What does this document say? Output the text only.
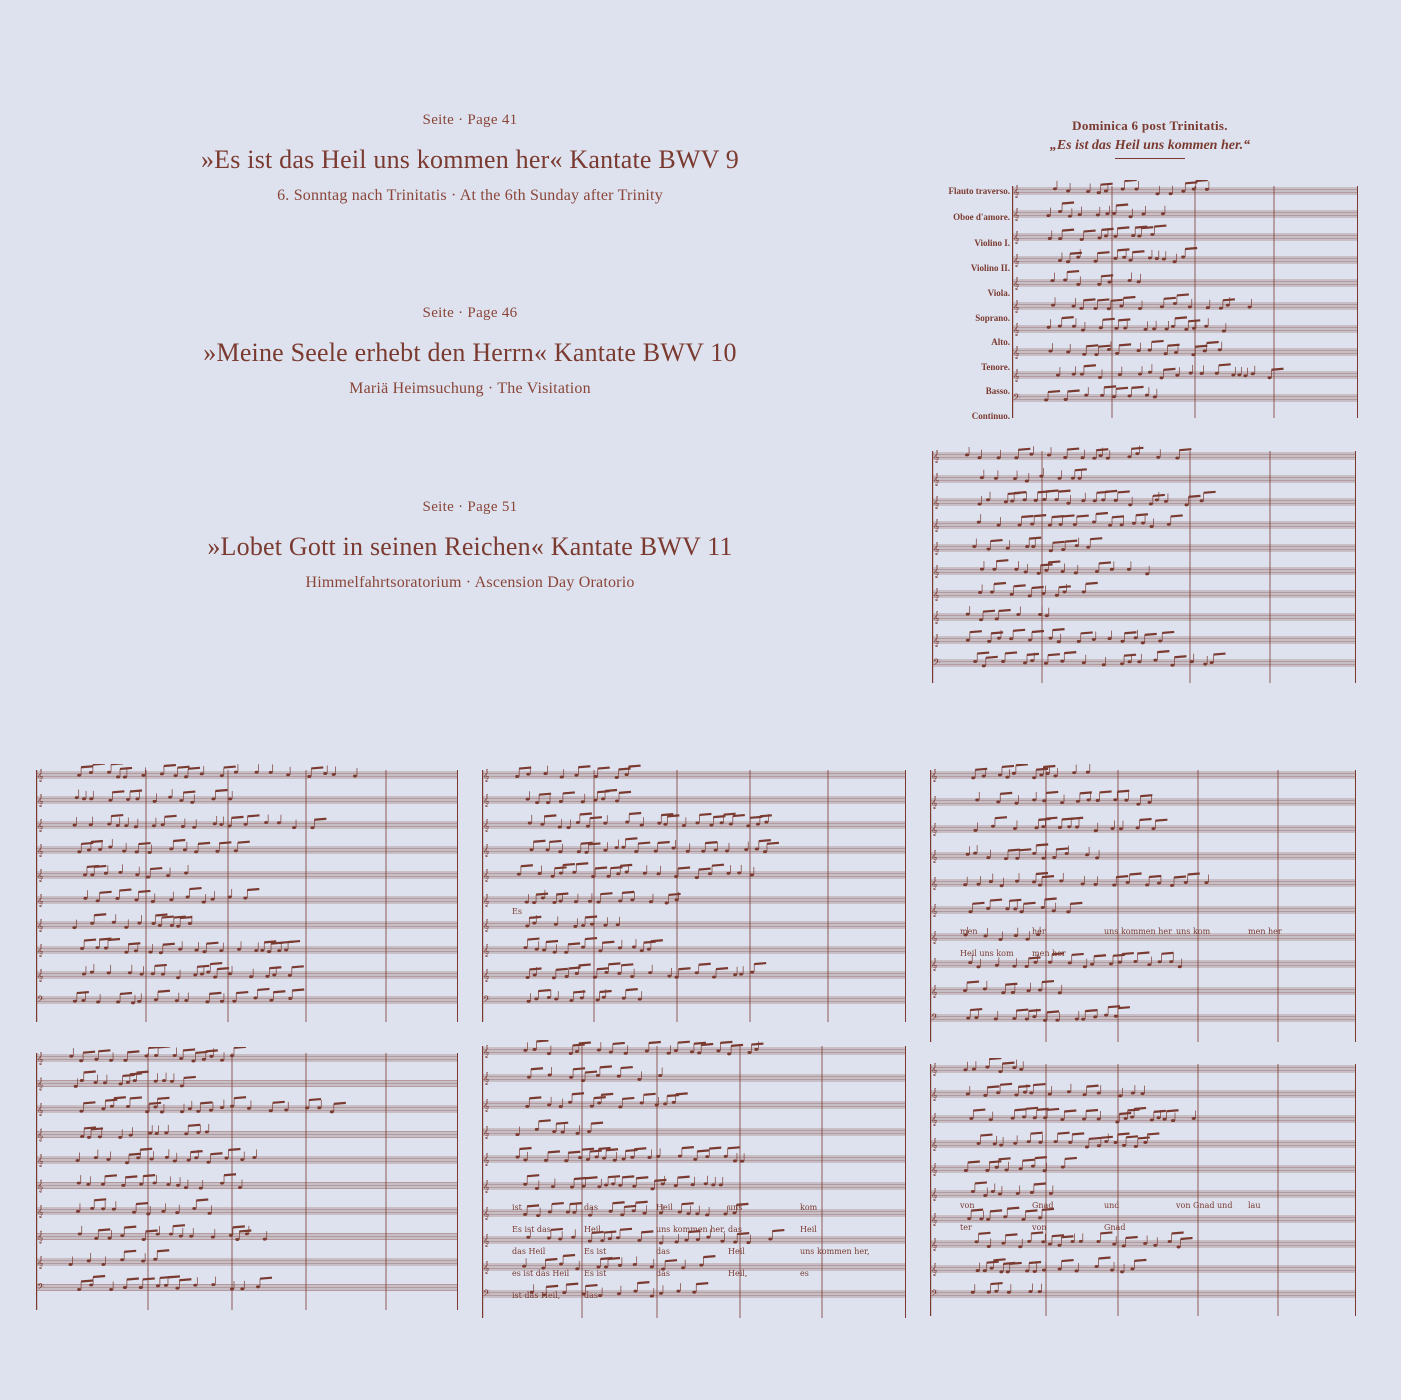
Seite · Page 41
»Es ist das Heil uns kommen her« Kantate BWV 9
6. Sonntag nach Trinitatis · At the 6th Sunday after Trinity
Seite · Page 46
»Meine Seele erhebt den Herrn« Kantate BWV 10
Mariä Heimsuchung · The Visitation
Seite · Page 51
»Lobet Gott in seinen Reichen« Kantate BWV 11
Himmelfahrtsoratorium · Ascension Day Oratorio
Dominica 6 post Trinitatis.
„Es ist das Heil uns kommen her.“
Flauto traverso.
Oboe d'amore.
Violino I.
Violino II.
Viola.
Soprano.
Alto.
Tenore.
Basso.
Continuo.
𝄞
𝄞
𝄞
𝄞
𝄞
𝄞
𝄞
𝄞
𝄞
𝄢
𝄞
𝄞
𝄞
𝄞
𝄞
𝄞
𝄞
𝄞
𝄞
𝄢
𝄞
𝄞
𝄞
𝄞
𝄞
𝄞
𝄞
𝄞
𝄞
𝄢
𝄞
𝄞
𝄞
𝄞
𝄞
𝄞
𝄞
𝄞
𝄞
𝄢
Es
𝄞
𝄞
𝄞
𝄞
𝄞
𝄞
𝄞
𝄞
𝄞
𝄢
men	her	uns kommen her uns kom	men her
Heil uns kom men her
𝄞
𝄞
𝄞
𝄞
𝄞
𝄞
𝄞
𝄞
𝄞
𝄢
𝄞
𝄞
𝄞
𝄞
𝄞
𝄞
𝄞
𝄞
𝄞
𝄢
ist	das	Heil	uns	kom
Es ist das	Heil	uns kommen her, das	Heil
das Heil	Es ist	das	Heil	uns kommen her,
es ist das Heil Es ist	das	Heil,	es
ist das Heil,	das
𝄞
𝄞
𝄞
𝄞
𝄞
𝄞
𝄞
𝄞
𝄞
𝄢
von	Gnad	und	von Gnad und lau
ter	von	Gnad
